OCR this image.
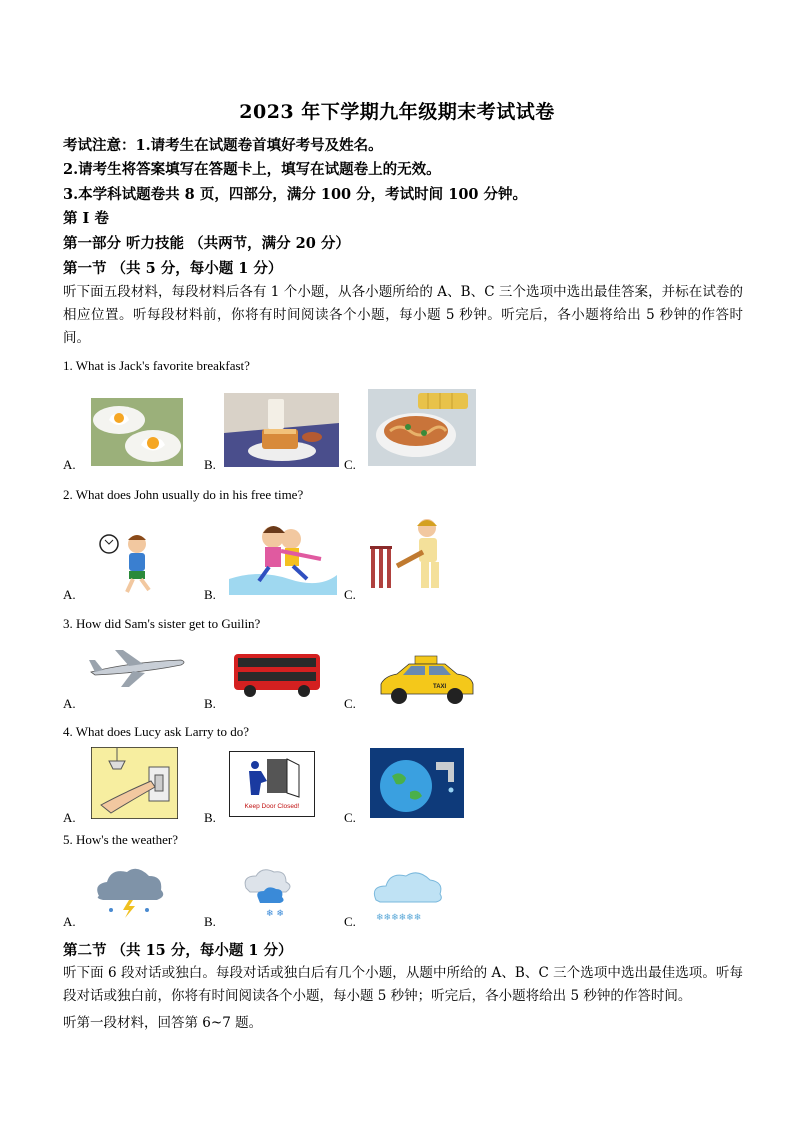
2023 年下学期九年级期末考试试卷
考试注意：1.请考生在试题卷首填好考号及姓名。
2.请考生将答案填写在答题卡上，填写在试题卷上的无效。
3.本学科试题卷共 8 页，四部分，满分 100 分，考试时间 100 分钟。
第 Ⅰ 卷
第一部分 听力技能 （共两节，满分 20 分）
第一节 （共 5 分，每小题 1 分）
听下面五段材料，每段材料后各有 1 个小题，从各小题所给的 A、B、C 三个选项中选出最佳答案，并标在试卷的相应位置。听每段材料前，你将有时间阅读各个小题，每小题 5 秒钟。听完后，各小题将给出 5 秒钟的作答时间。
1. What is Jack's favorite breakfast?
A.	B.	C.
2. What does John usually do in his free time?
A.	B.	C.
3. How did Sam's sister get to Guilin?
A.	B.	C.
TAXI
4. What does Lucy ask Larry to do?
A.	B.
Keep Door Closed!
C.
5. How's the weather?
A.	B.	❄ ❄	C. ❄❄❄❄❄❄
第二节 （共 15 分，每小题 1 分）
听下面 6 段对话或独白。每段对话或独白后有几个小题，从题中所给的 A、B、C 三个选项中选出最佳选项。听每段对话或独白前，你将有时间阅读各个小题，每小题 5 秒钟；听完后，各小题将给出 5 秒钟的作答时间。
听第一段材料，回答第 6~7 题。
